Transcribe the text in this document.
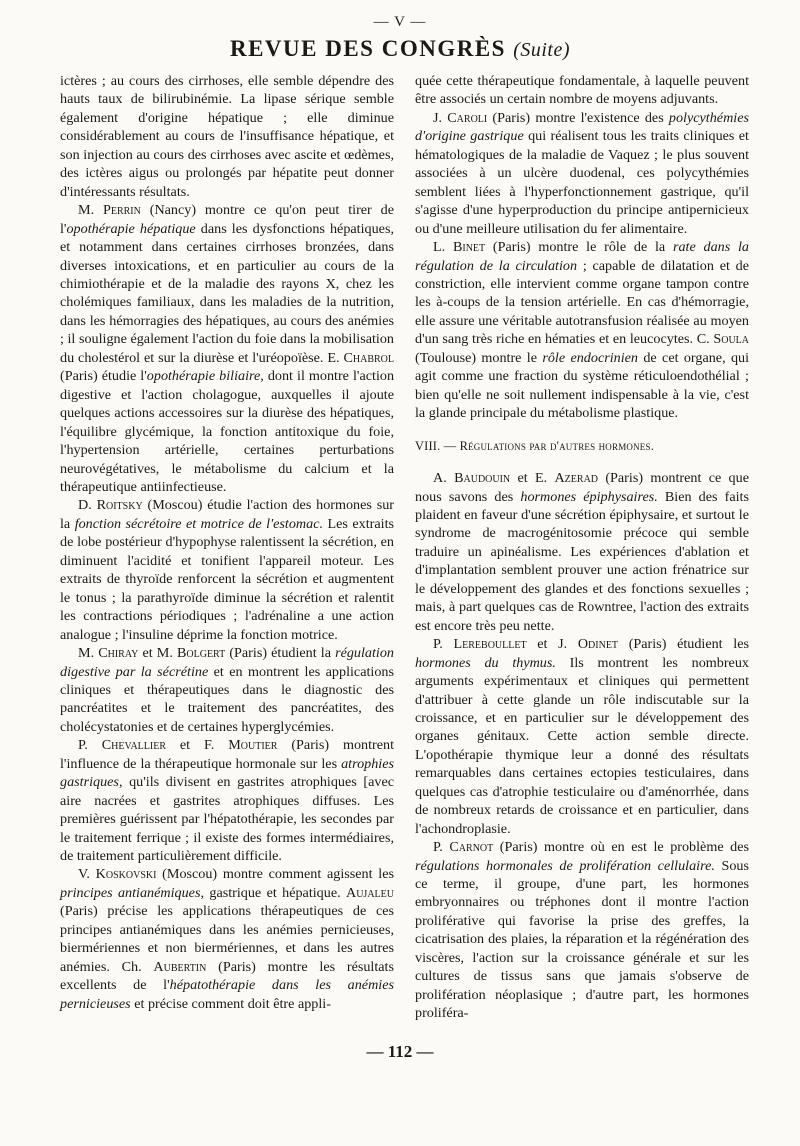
— V —
REVUE DES CONGRÈS (Suite)

ictères ; au cours des cirrhoses, elle semble dépendre des hauts taux de bilirubinémie. La lipase sérique semble également d'origine hépatique ; elle diminue considérablement au cours de l'insuffisance hépatique, et son injection au cours des cirrhoses avec ascite et œdèmes, des ictères aigus ou prolongés par hépatite peut donner d'intéressants résultats.

M. Perrin (Nancy) montre ce qu'on peut tirer de l'opothérapie hépatique dans les dysfonctions hépatiques, et notamment dans certaines cirrhoses bronzées, dans diverses intoxications, et en particulier au cours de la chimiothérapie et de la maladie des rayons X, chez les cholémiques familiaux, dans les maladies de la nutrition, dans les hémorragies des hépatiques, au cours des anémies ; il souligne également l'action du foie dans la mobilisation du cholestérol et sur la diurèse et l'uréopoïèse. E. Chabrol (Paris) étudie l'opothérapie biliaire, dont il montre l'action digestive et l'action cholagogue, auxquelles il ajoute quelques actions accessoires sur la diurèse des hépatiques, l'équilibre glycémique, la fonction antitoxique du foie, l'hypertension artérielle, certaines perturbations neurovégétatives, le métabolisme du calcium et la thérapeutique antiinfectieuse.

D. Roitsky (Moscou) étudie l'action des hormones sur la fonction sécrétoire et motrice de l'estomac. Les extraits de lobe postérieur d'hypophyse ralentissent la sécrétion, en diminuent l'acidité et tonifient l'appareil moteur. Les extraits de thyroïde renforcent la sécrétion et augmentent le tonus ; la parathyroïde diminue la sécrétion et ralentit les contractions périodiques ; l'adrénaline a une action analogue ; l'insuline déprime la fonction motrice.

M. Chiray et M. Bolgert (Paris) étudient la régulation digestive par la sécrétine et en montrent les applications cliniques et thérapeutiques dans le diagnostic des pancréatites et le traitement des pancréatites, des cholécystatonies et de certaines hyperglycémies.

P. Chevallier et F. Moutier (Paris) montrent l'influence de la thérapeutique hormonale sur les atrophies gastriques, qu'ils divisent en gastrites atrophiques [avec aire nacrées et gastrites atrophiques diffuses. Les premières guérissent par l'hépatothérapie, les secondes par le traitement ferrique ; il existe des formes intermédiaires, de traitement particulièrement difficile.

V. Koskovski (Moscou) montre comment agissent les principes antianémiques, gastrique et hépatique. Aujaleu (Paris) précise les applications thérapeutiques de ces principes antianémiques dans les anémies pernicieuses, biermériennes et non biermériennes, et dans les autres anémies. Ch. Aubertin (Paris) montre les résultats excellents de l'hépatothérapie dans les anémies pernicieuses et précise comment doit être appli-

quée cette thérapeutique fondamentale, à laquelle peuvent être associés un certain nombre de moyens adjuvants.

J. Caroli (Paris) montre l'existence des polycythémies d'origine gastrique qui réalisent tous les traits cliniques et hématologiques de la maladie de Vaquez ; le plus souvent associées à un ulcère duodenal, ces polycythémies semblent liées à l'hyperfonctionnement gastrique, qu'il s'agisse d'une hyperproduction du principe antipernicieux ou d'une meilleure utilisation du fer alimentaire.

L. Binet (Paris) montre le rôle de la rate dans la régulation de la circulation ; capable de dilatation et de constriction, elle intervient comme organe tampon contre les à-coups de la tension artérielle. En cas d'hémorragie, elle assure une véritable autotransfusion réalisée au moyen d'un sang très riche en hématies et en leucocytes. C. Soula (Toulouse) montre le rôle endocrinien de cet organe, qui agit comme une fraction du système réticuloendothélial ; bien qu'elle ne soit nullement indispensable à la vie, c'est la glande principale du métabolisme plastique.

VIII. — Régulations par d'autres hormones.

A. Baudouin et E. Azerad (Paris) montrent ce que nous savons des hormones épiphysaires. Bien des faits plaident en faveur d'une sécrétion épiphysaire, et surtout le syndrome de macrogénitosomie précoce qui semble traduire un apinéalisme. Les expériences d'ablation et d'implantation semblent prouver une action frénatrice sur le développement des glandes et des fonctions sexuelles ; mais, à part quelques cas de Rowntree, l'action des extraits est encore très peu nette.

P. Lereboullet et J. Odinet (Paris) étudient les hormones du thymus. Ils montrent les nombreux arguments expérimentaux et cliniques qui permettent d'attribuer à cette glande un rôle indiscutable sur la croissance, et en particulier sur le développement des organes génitaux. Cette action semble directe. L'opothérapie thymique leur a donné des résultats remarquables dans certaines ectopies testiculaires, dans quelques cas d'atrophie testiculaire ou d'aménorrhée, dans de nombreux retards de croissance et en particulier, dans l'achondroplasie.

P. Carnot (Paris) montre où en est le problème des régulations hormonales de prolifération cellulaire. Sous ce terme, il groupe, d'une part, les hormones embryonnaires ou tréphones dont il montre l'action proliférative qui favorise la prise des greffes, la cicatrisation des plaies, la réparation et la régénération des viscères, l'action sur la croissance générale et sur les cultures de tissus sans que jamais s'observe de prolifération néoplasique ; d'autre part, les hormones proliféra-

— 112 —
